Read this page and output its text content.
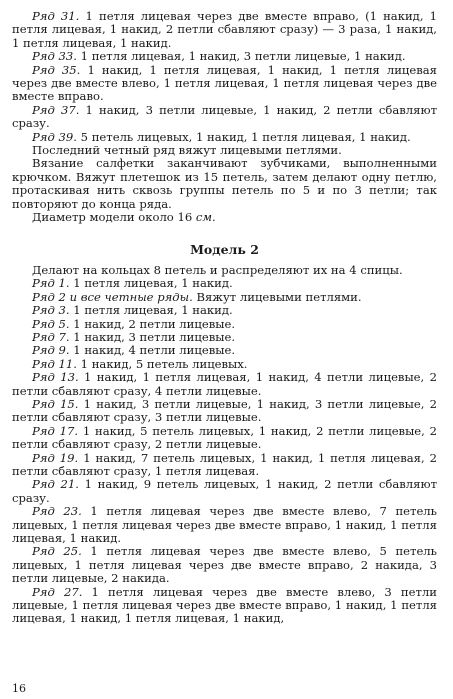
Ряд 31. 1 петля лицевая через две вместе вправо, (1 накид, 1 петля лицевая, 1 накид, 2 петли сбавляют сразу) — 3 раза, 1 накид, 1 петля лицевая, 1 накид.

Ряд 33. 1 петля лицевая, 1 накид, 3 петли лицевые, 1 накид.

Ряд 35. 1 накид, 1 петля лицевая, 1 накид, 1 петля лицевая через две вместе влево, 1 петля лицевая, 1 петля лицевая через две вместе вправо.

Ряд 37. 1 накид, 3 петли лицевые, 1 накид, 2 петли сбавляют сразу.

Ряд 39. 5 петель лицевых, 1 накид, 1 петля лицевая, 1 накид.

Последний четный ряд вяжут лицевыми петлями.

Вязание салфетки заканчивают зубчиками, выполненными крючком. Вяжут плетешок из 15 петель, затем делают одну петлю, протаскивая нить сквозь группы петель по 5 и по 3 петли; так повторяют до конца ряда.

Диаметр модели около 16 см.

Модель 2

Делают на кольцах 8 петель и распределяют их на 4 спицы.

Ряд 1. 1 петля лицевая, 1 накид.

Ряд 2 и все четные ряды. Вяжут лицевыми петлями.

Ряд 3. 1 петля лицевая, 1 накид.

Ряд 5. 1 накид, 2 петли лицевые.

Ряд 7. 1 накид, 3 петли лицевые.

Ряд 9. 1 накид, 4 петли лицевые.

Ряд 11. 1 накид, 5 петель лицевых.

Ряд 13. 1 накид, 1 петля лицевая, 1 накид, 4 петли лицевые, 2 петли сбавляют сразу, 4 петли лицевые.

Ряд 15. 1 накид, 3 петли лицевые, 1 накид, 3 петли лицевые, 2 петли сбавляют сразу, 3 петли лицевые.

Ряд 17. 1 накид, 5 петель лицевых, 1 накид, 2 петли лицевые, 2 петли сбавляют сразу, 2 петли лицевые.

Ряд 19. 1 накид, 7 петель лицевых, 1 накид, 1 петля лицевая, 2 петли сбавляют сразу, 1 петля лицевая.

Ряд 21. 1 накид, 9 петель лицевых, 1 накид, 2 петли сбавляют сразу.

Ряд 23. 1 петля лицевая через две вместе влево, 7 петель лицевых, 1 петля лицевая через две вместе вправо, 1 накид, 1 петля лицевая, 1 накид.

Ряд 25. 1 петля лицевая через две вместе влево, 5 петель лицевых, 1 петля лицевая через две вместе вправо, 2 накида, 3 петли лицевые, 2 накида.

Ряд 27. 1 петля лицевая через две вместе влево, 3 петли лицевые, 1 петля лицевая через две вместе вправо, 1 накид, 1 петля лицевая, 1 накид, 1 петля лицевая, 1 накид,

16
